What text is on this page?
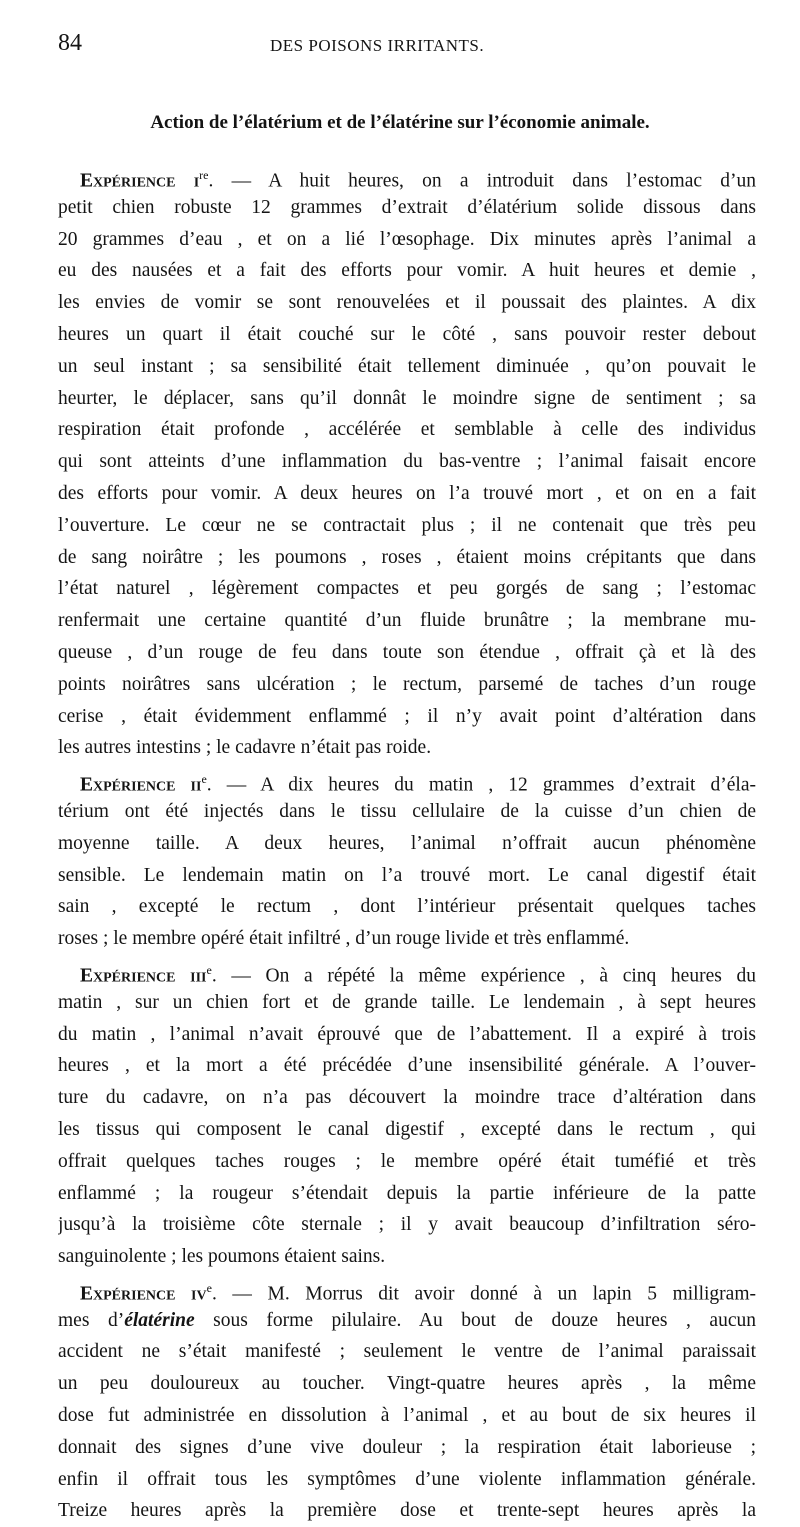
84	DES POISONS IRRITANTS.
Action de l’élatérium et de l’élatérine sur l’économie animale.
Expérience $i^{re}$. — A huit heures, on a introduit dans l’estomac d’un
petit chien robuste 12 grammes d’extrait d’élatérium solide dissous dans
20 grammes d’eau , et on a lié l’œsophage. Dix minutes après l’animal a
eu des nausées et a fait des efforts pour vomir. A huit heures et demie ,
les envies de vomir se sont renouvelées et il poussait des plaintes. A dix
heures un quart il était couché sur le côté , sans pouvoir rester debout
un seul instant ; sa sensibilité était tellement diminuée , qu’on pouvait le
heurter, le déplacer, sans qu’il donnât le moindre signe de sentiment ; sa
respiration était profonde , accélérée et semblable à celle des individus
qui sont atteints d’une inflammation du bas-ventre ; l’animal faisait encore
des efforts pour vomir. A deux heures on l’a trouvé mort , et on en a fait
l’ouverture. Le cœur ne se contractait plus ; il ne contenait que très peu
de sang noirâtre ; les poumons , roses , étaient moins crépitants que dans
l’état naturel , légèrement compactes et peu gorgés de sang ; l’estomac
renfermait une certaine quantité d’un fluide brunâtre ; la membrane mu-
queuse , d’un rouge de feu dans toute son étendue , offrait çà et là des
points noirâtres sans ulcération ; le rectum, parsemé de taches d’un rouge
cerise , était évidemment enflammé ; il n’y avait point d’altération dans
les autres intestins ; le cadavre n’était pas roide.
Expérience $ii^e$. — A dix heures du matin , 12 grammes d’extrait d’éla-
térium ont été injectés dans le tissu cellulaire de la cuisse d’un chien de
moyenne taille. A deux heures, l’animal n’offrait aucun phénomène
sensible. Le lendemain matin on l’a trouvé mort. Le canal digestif était
sain , excepté le rectum , dont l’intérieur présentait quelques taches
roses ; le membre opéré était infiltré , d’un rouge livide et très enflammé.
Expérience iii$^e$. — On a répété la même expérience , à cinq heures du
matin , sur un chien fort et de grande taille. Le lendemain , à sept heures
du matin , l’animal n’avait éprouvé que de l’abattement. Il a expiré à trois
heures , et la mort a été précédée d’une insensibilité générale. A l’ouver-
ture du cadavre, on n’a pas découvert la moindre trace d’altération dans
les tissus qui composent le canal digestif , excepté dans le rectum , qui
offrait quelques taches rouges ; le membre opéré était tuméfié et très
enflammé ; la rougeur s’étendait depuis la partie inférieure de la patte
jusqu’à la troisième côte sternale ; il y avait beaucoup d’infiltration séro-
sanguinolente ; les poumons étaient sains.
Expérience $iv^e$. — M. Morrus dit avoir donné à un lapin 5 milligram-
mes d’élatérine sous forme pilulaire. Au bout de douze heures , aucun
accident ne s’était manifesté ; seulement le ventre de l’animal paraissait
un peu douloureux au toucher. Vingt-quatre heures après , la même
dose fut administrée en dissolution à l’animal , et au bout de six heures il
donnait des signes d’une vive douleur ; la respiration était laborieuse ;
enfin il offrait tous les symptômes d’une violente inflammation générale.
Treize heures après la première dose et trente-sept heures après la
